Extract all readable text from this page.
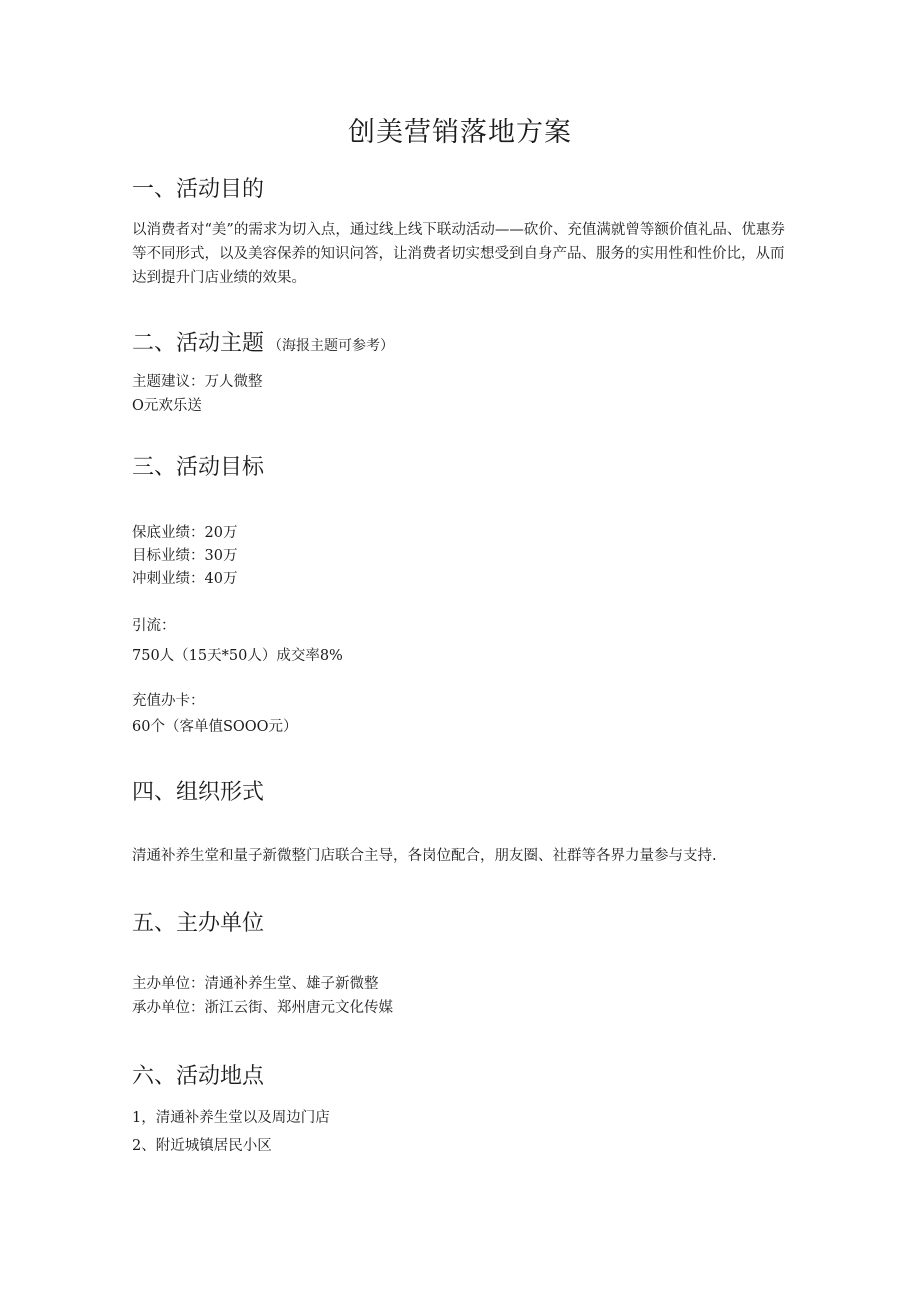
创美营销落地方案
一、活动目的
以消费者对“美”的需求为切入点，通过线上线下联动活动——砍价、充值满就曾等额价值礼品、优惠券等不同形式，以及美容保养的知识问答，让消费者切实想受到自身产品、服务的实用性和性价比，从而达到提升门店业绩的效果。
二、活动主题 （海报主题可参考）
主题建议：万人微整
O元欢乐送
三、活动目标
保底业绩：20万
目标业绩：30万
冲刺业绩：40万
引流：
750人（15天*50人）成交率8%
充值办卡：
60个（客单值SOOO元）
四、组织形式
清通补养生堂和量子新微整门店联合主导，各岗位配合，朋友圈、社群等各界力量参与支持.
五、主办单位
主办单位：清通补养生堂、雄子新微整
承办单位：浙江云街、郑州唐元文化传媒
六、活动地点
1，清通补养生堂以及周边门店
2、附近城镇居民小区
